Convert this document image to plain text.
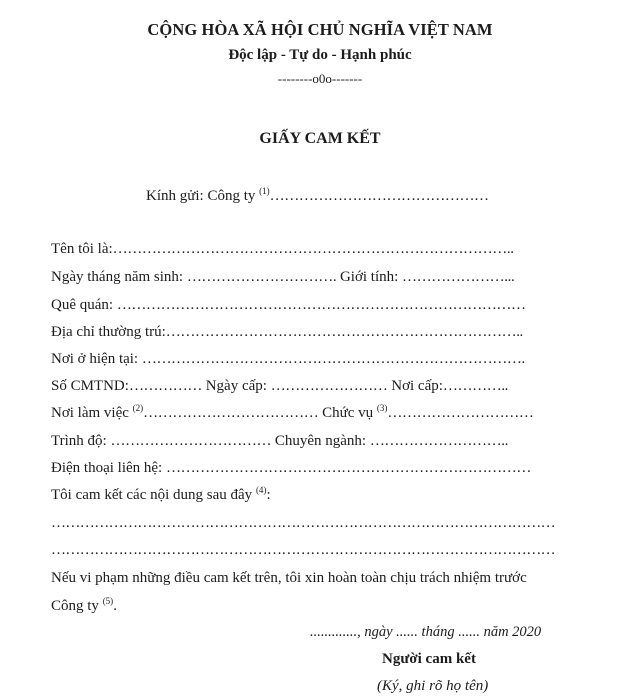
CỘNG HÒA XÃ HỘI CHỦ NGHĨA VIỆT NAM
Độc lập - Tự do - Hạnh phúc
--------o0o-------
GIẤY CAM KẾT
Kính gửi: Công ty $^{(1)}$………………………………………
Tên tôi là:………………………………………………………………………..
Ngày tháng năm sinh: …………………………. Giới tính: …………………...
Quê quán: …………………………………………………………………………
Địa chỉ thường trú:………………………………………………………………..
Nơi ở hiện tại: …………………………………………………………………….
Số CMTND:…………… Ngày cấp: …………………… Nơi cấp:…………..
Nơi làm việc $^{(2)}$……………………………… Chức vụ $^{(3)}$…………………………
Trình độ: …………………………… Chuyên ngành: ………………………..
Điện thoại liên hệ: …………………………………………………………………
Tôi cam kết các nội dung sau đây $^{(4)}$:
……………………………………………………………………………………………
……………………………………………………………………………………………
Nếu vi phạm những điều cam kết trên, tôi xin hoàn toàn chịu trách nhiệm trước
Công ty $^{(5)}$.
............., ngày ...... tháng ...... năm 2020
Người cam kết
(Ký, ghi rõ họ tên)
